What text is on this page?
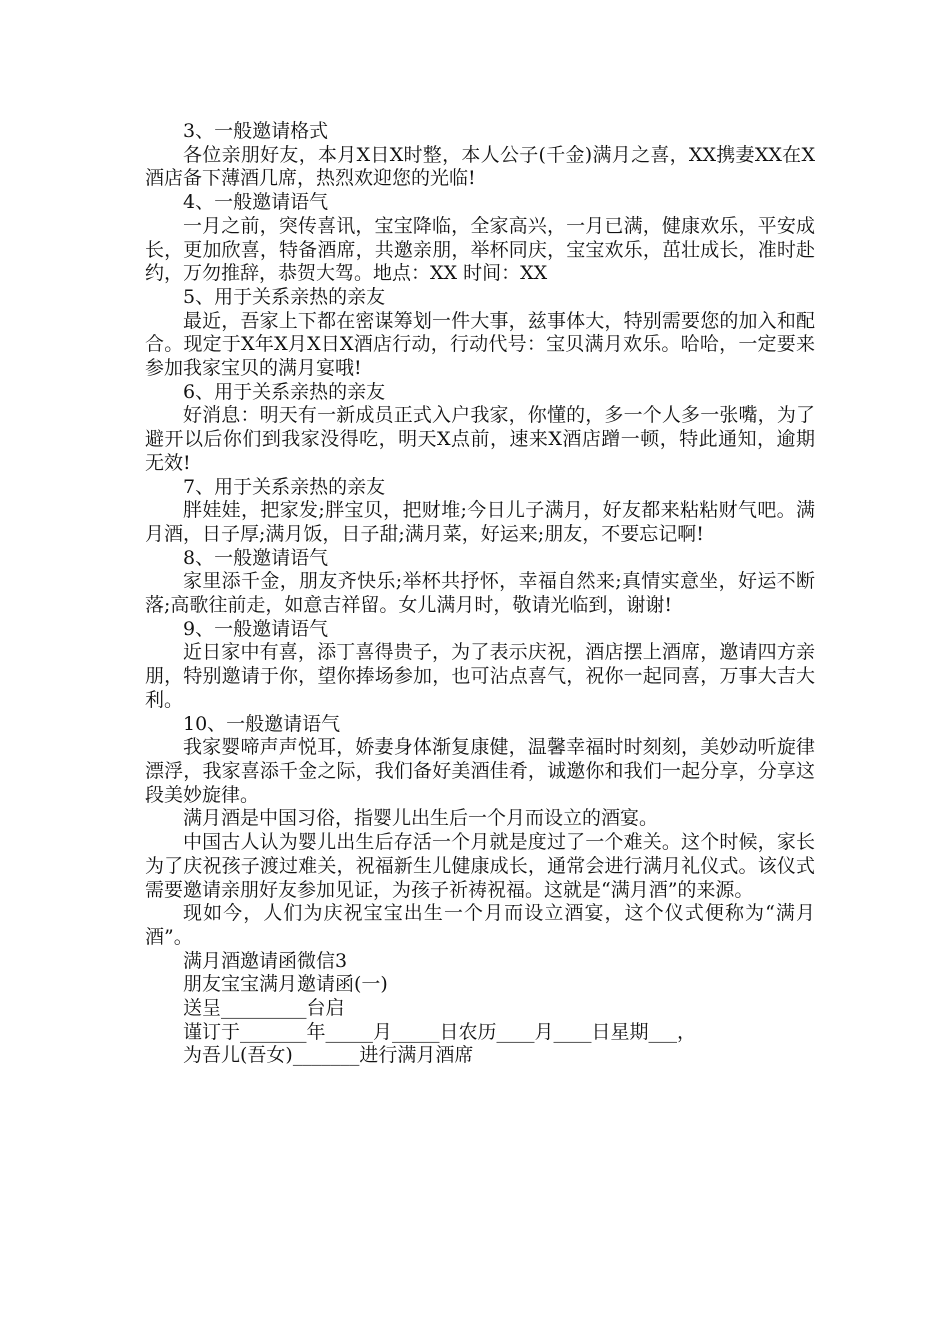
3、一般邀请格式

各位亲朋好友，本月X日X时整，本人公子(千金)满月之喜，XX携妻XX在X酒店备下薄酒几席，热烈欢迎您的光临!

4、一般邀请语气

一月之前，突传喜讯，宝宝降临，全家高兴，一月已满，健康欢乐，平安成长，更加欣喜，特备酒席，共邀亲朋，举杯同庆，宝宝欢乐，茁壮成长，准时赴约，万勿推辞，恭贺大驾。地点：XX 时间：XX

5、用于关系亲热的亲友

最近，吾家上下都在密谋筹划一件大事，兹事体大，特别需要您的加入和配合。现定于X年X月X日X酒店行动，行动代号：宝贝满月欢乐。哈哈，一定要来参加我家宝贝的满月宴哦!

6、用于关系亲热的亲友

好消息：明天有一新成员正式入户我家，你懂的，多一个人多一张嘴，为了避开以后你们到我家没得吃，明天X点前，速来X酒店蹭一顿，特此通知，逾期无效!

7、用于关系亲热的亲友

胖娃娃，把家发;胖宝贝，把财堆;今日儿子满月，好友都来粘粘财气吧。满月酒，日子厚;满月饭，日子甜;满月菜，好运来;朋友，不要忘记啊!

8、一般邀请语气

家里添千金，朋友齐快乐;举杯共抒怀，幸福自然来;真情实意坐，好运不断落;高歌往前走，如意吉祥留。女儿满月时，敬请光临到，谢谢!

9、一般邀请语气

近日家中有喜，添丁喜得贵子，为了表示庆祝，酒店摆上酒席，邀请四方亲朋，特别邀请于你，望你捧场参加，也可沾点喜气，祝你一起同喜，万事大吉大利。

10、一般邀请语气

我家婴啼声声悦耳，娇妻身体渐复康健，温馨幸福时时刻刻，美妙动听旋律漂浮，我家喜添千金之际，我们备好美酒佳肴，诚邀你和我们一起分享，分享这段美妙旋律。

满月酒是中国习俗，指婴儿出生后一个月而设立的酒宴。

中国古人认为婴儿出生后存活一个月就是度过了一个难关。这个时候，家长为了庆祝孩子渡过难关，祝福新生儿健康成长，通常会进行满月礼仪式。该仪式需要邀请亲朋好友参加见证，为孩子祈祷祝福。这就是“满月酒”的来源。

现如今，人们为庆祝宝宝出生一个月而设立酒宴，这个仪式便称为“满月酒”。

满月酒邀请函微信3

朋友宝宝满月邀请函(一)

送呈_________台启

谨订于_______年_____月_____日农历____月____日星期___，

为吾儿(吾女)_______进行满月酒席
